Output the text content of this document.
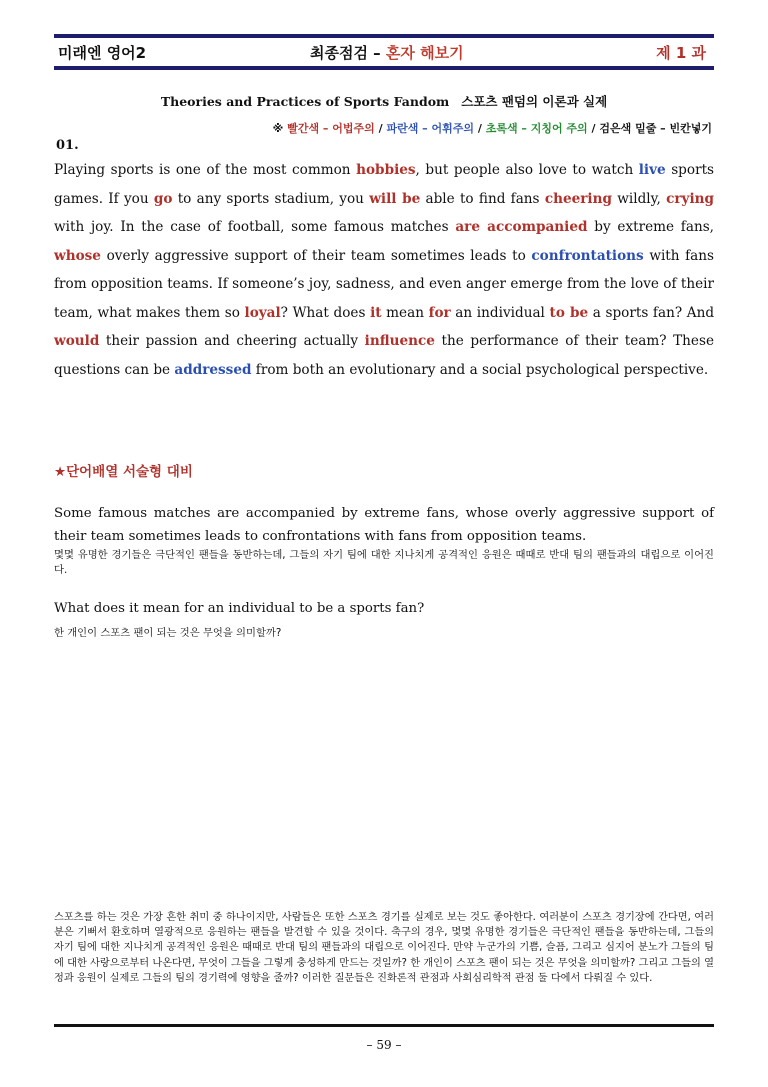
미래엔 영어2	최종점검 – 혼자 해보기	제 1 과
Theories and Practices of Sports Fandom 스포츠 팬덤의 이론과 실제
※ 빨간색 – 어법주의 / 파란색 – 어휘주의 / 초록색 – 지칭어 주의 / 검은색 밑줄 – 빈칸넣기
01.
Playing sports is one of the most common hobbies, but people also love to watch live sports games. If you go to any sports stadium, you will be able to find fans cheering wildly, crying with joy. In the case of football, some famous matches are accompanied by extreme fans, whose overly aggressive support of their team sometimes leads to confrontations with fans from opposition teams. If someone’s joy, sadness, and even anger emerge from the love of their team, what makes them so loyal? What does it mean for an individual to be a sports fan? And would their passion and cheering actually influence the performance of their team? These questions can be addressed from both an evolutionary and a social psychological perspective.
★단어배열 서술형 대비
Some famous matches are accompanied by extreme fans, whose overly aggressive support of their team sometimes leads to confrontations with fans from opposition teams.
몇몇 유명한 경기들은 극단적인 팬들을 동반하는데, 그들의 자기 팀에 대한 지나치게 공격적인 응원은 때때로 반대 팀의 팬들과의 대립으로 이어진다.
What does it mean for an individual to be a sports fan?
한 개인이 스포츠 팬이 되는 것은 무엇을 의미할까?
스포츠를 하는 것은 가장 흔한 취미 중 하나이지만, 사람들은 또한 스포츠 경기를 실제로 보는 것도 좋아한다. 여러분이 스포츠 경기장에 간다면, 여러분은 기뻐서 환호하며 열광적으로 응원하는 팬들을 발견할 수 있을 것이다. 축구의 경우, 몇몇 유명한 경기들은 극단적인 팬들을 동반하는데, 그들의 자기 팀에 대한 지나치게 공격적인 응원은 때때로 반대 팀의 팬들과의 대립으로 이어진다. 만약 누군가의 기쁨, 슬픔, 그리고 심지어 분노가 그들의 팀에 대한 사랑으로부터 나온다면, 무엇이 그들을 그렇게 충성하게 만드는 것일까? 한 개인이 스포츠 팬이 되는 것은 무엇을 의미할까? 그리고 그들의 열정과 응원이 실제로 그들의 팀의 경기력에 영향을 줄까? 이러한 질문들은 진화론적 관점과 사회심리학적 관점 둘 다에서 다뤄질 수 있다.
– 59 –
